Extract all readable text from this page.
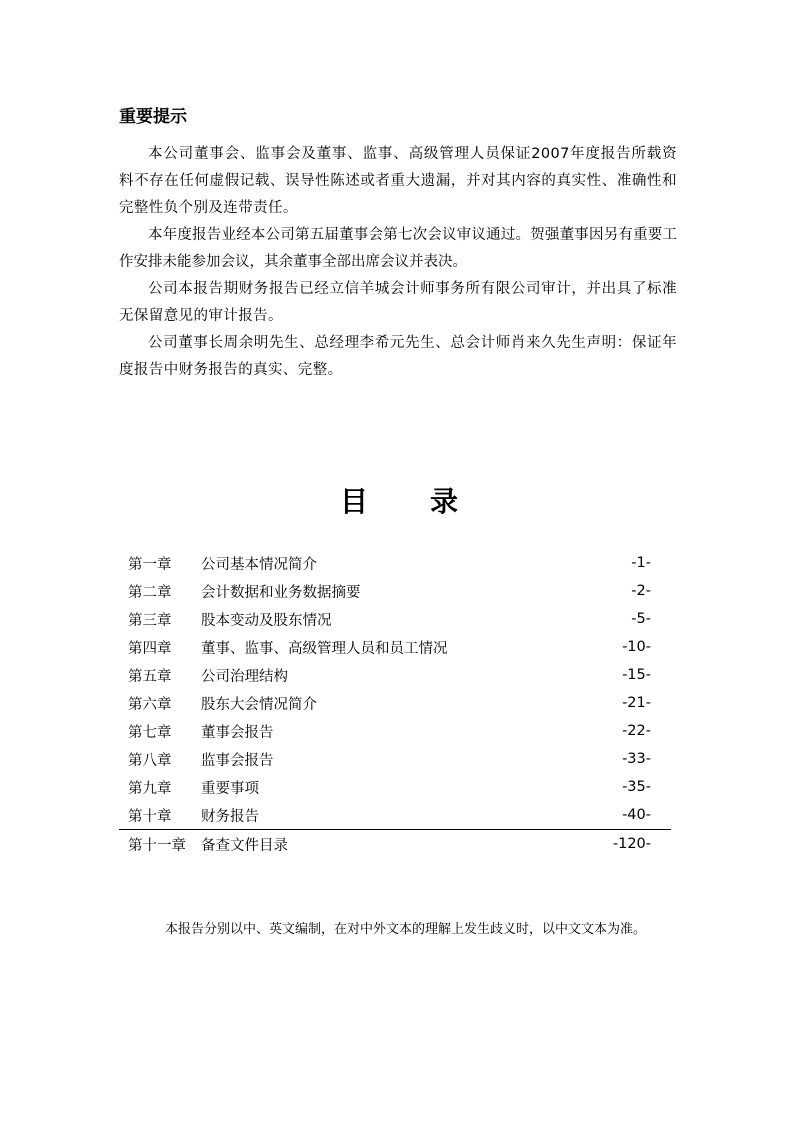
重要提示

本公司董事会、监事会及董事、监事、高级管理人员保证2007年度报告所载资料不存在任何虚假记载、误导性陈述或者重大遗漏，并对其内容的真实性、准确性和完整性负个别及连带责任。

本年度报告业经本公司第五届董事会第七次会议审议通过。贺强董事因另有重要工作安排未能参加会议，其余董事全部出席会议并表决。

公司本报告期财务报告已经立信羊城会计师事务所有限公司审计，并出具了标准无保留意见的审计报告。

公司董事长周余明先生、总经理李希元先生、总会计师肖来久先生声明：保证年度报告中财务报告的真实、完整。

目录
第一章	公司基本情况简介	-1-
第二章	会计数据和业务数据摘要	-2-
第三章	股本变动及股东情况	-5-
第四章	董事、监事、高级管理人员和员工情况	-10-
第五章	公司治理结构	-15-
第六章	股东大会情况简介	-21-
第七章	董事会报告	-22-
第八章	监事会报告	-33-
第九章	重要事项	-35-
第十章	财务报告	-40-
第十一章	备查文件目录	-120-

本报告分别以中、英文编制，在对中外文本的理解上发生歧义时，以中文文本为准。
